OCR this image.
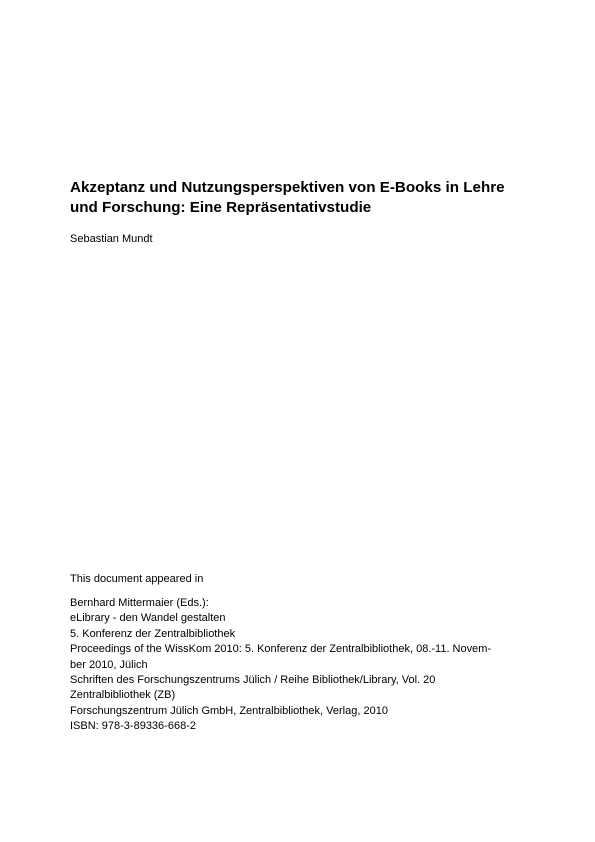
Akzeptanz und Nutzungsperspektiven von E-Books in Lehre
und Forschung: Eine Repräsentativstudie
Sebastian Mundt
This document appeared in
Bernhard Mittermaier (Eds.):
eLibrary - den Wandel gestalten
5. Konferenz der Zentralbibliothek
Proceedings of the WissKom 2010: 5. Konferenz der Zentralbibliothek, 08.-11. Novem-
ber 2010, Jülich
Schriften des Forschungszentrums Jülich / Reihe Bibliothek/Library, Vol. 20
Zentralbibliothek (ZB)
Forschungszentrum Jülich GmbH, Zentralbibliothek, Verlag, 2010
ISBN: 978-3-89336-668-2
